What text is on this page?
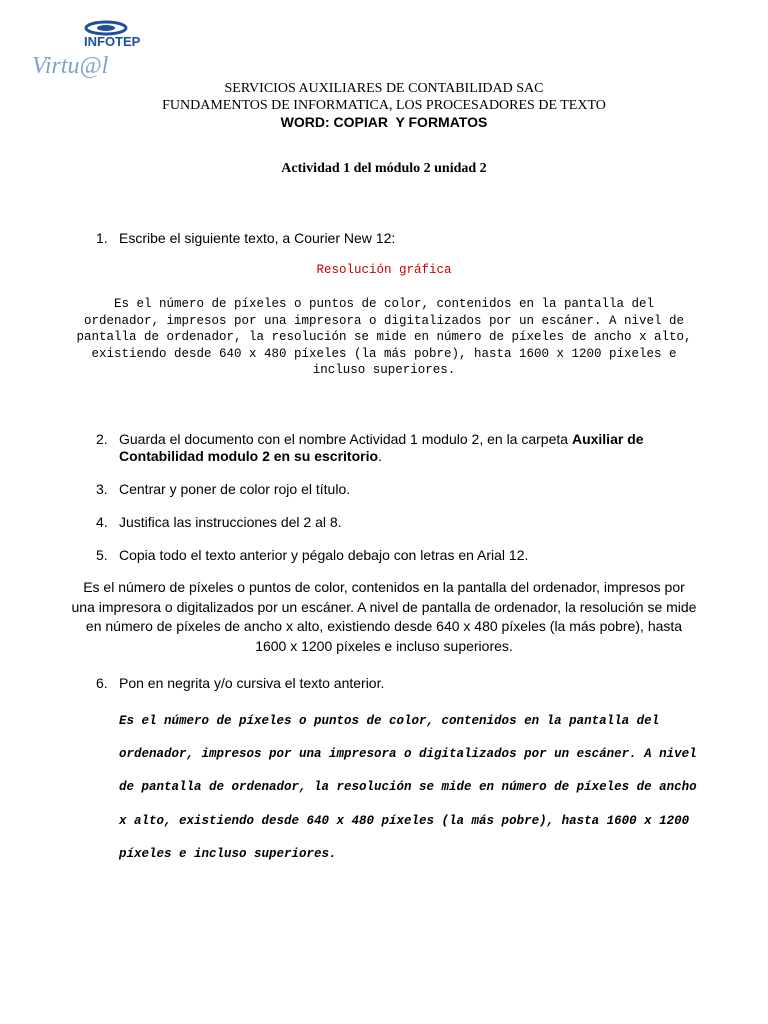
INFOTEP
Virtu@l
SERVICIOS AUXILIARES DE CONTABILIDAD SAC
FUNDAMENTOS DE INFORMATICA, LOS PROCESADORES DE TEXTO
WORD: COPIAR  Y FORMATOS
Actividad 1 del módulo 2 unidad 2
1. Escribe el siguiente texto, a Courier New 12:
Resolución gráfica
Es el número de píxeles o puntos de color, contenidos en la pantalla del ordenador, impresos por una impresora o digitalizados por un escáner. A nivel de pantalla de ordenador, la resolución se mide en número de píxeles de ancho x alto, existiendo desde 640 x 480 píxeles (la más pobre), hasta 1600 x 1200 píxeles e incluso superiores.
2. Guarda el documento con el nombre Actividad 1 modulo 2, en la carpeta Auxiliar de Contabilidad modulo 2 en su escritorio.
3. Centrar y poner de color rojo el título.
4. Justifica las instrucciones del 2 al 8.
5. Copia todo el texto anterior y pégalo debajo con letras en Arial 12.
Es el número de píxeles o puntos de color, contenidos en la pantalla del ordenador, impresos por una impresora o digitalizados por un escáner. A nivel de pantalla de ordenador, la resolución se mide en número de píxeles de ancho x alto, existiendo desde 640 x 480 píxeles (la más pobre), hasta 1600 x 1200 píxeles e incluso superiores.
6. Pon en negrita y/o cursiva el texto anterior.
Es el número de píxeles o puntos de color, contenidos en la pantalla del ordenador, impresos por una impresora o digitalizados por un escáner. A nivel de pantalla de ordenador, la resolución se mide en número de píxeles de ancho x alto, existiendo desde 640 x 480 píxeles (la más pobre), hasta 1600 x 1200 píxeles e incluso superiores.
